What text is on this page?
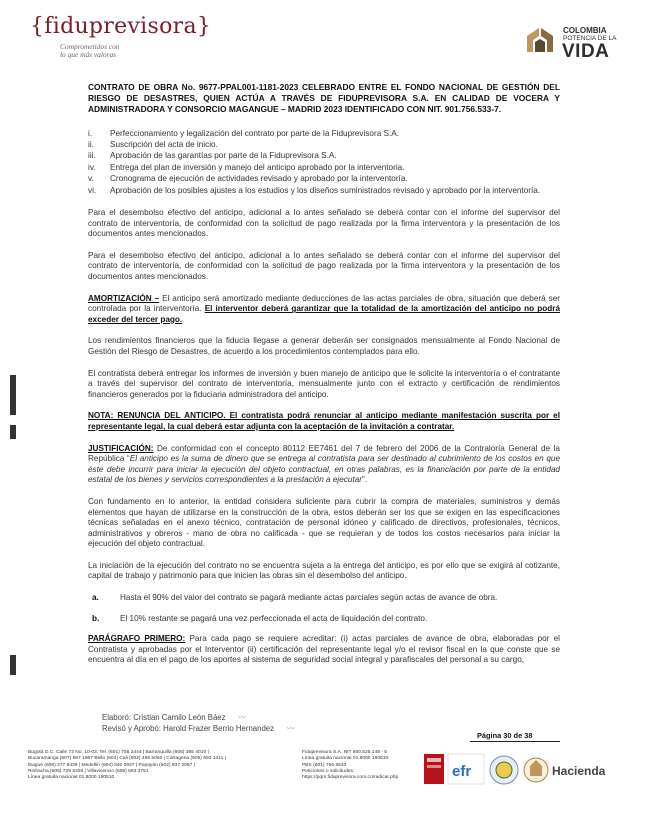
{fiduprevisora}
Comprometidos con
lo que más valoras
COLOMBIA
POTENCIA DE LA
VIDA
CONTRATO DE OBRA No. 9677-PPAL001-1181-2023 CELEBRADO ENTRE EL FONDO NACIONAL DE GESTIÓN DEL RIESGO DE DESASTRES, QUIEN ACTÚA A TRAVÉS DE FIDUPREVISORA S.A. EN CALIDAD DE VOCERA Y ADMINISTRADORA Y CONSORCIO MAGANGUE – MADRID 2023 IDENTIFICADO CON NIT. 901.756.533-7.
i. Perfeccionamiento y legalización del contrato por parte de la Fiduprevisora S.A.
ii. Suscripción del acta de inicio.
iii. Aprobación de las garantías por parte de la Fiduprevisora S.A.
iv. Entrega del plan de inversión y manejo del anticipo aprobado por la interventoria.
v. Cronograma de ejecución de actividades revisado y aprobado por la interventoría.
vi. Aprobación de los posibles ajustes a los estudios y los diseños suministrados revisado y aprobado por la interventoría.

Para el desembolso efectivo del anticipo, adicional a lo antes señalado se deberá contar con el informe del supervisor del contrato de interventoría, de conformidad con la solicitud de pago realizada por la firma interventora y la presentación de los documentos antes mencionados.

Para el desembolso efectivo del anticipo, adicional a lo antes señalado se deberá contar con el informe del supervisor del contrato de interventoría, de conformidad con la solicitud de pago realizada por la firma interventora y la presentación de los documentos antes mencionados.

AMORTIZACIÓN – El anticipo será amortizado mediante deducciones de las actas parciales de obra, situación que deberá ser controlada por la interventoría. El interventor deberá garantizar que la totalidad de la amortización del anticipo no podrá exceder del tercer pago.

Los rendimientos financieros que la fiducia llegase a generar deberán ser consignados mensualmente al Fondo Nacional de Gestión del Riesgo de Desastres, de acuerdo a los procedimientos contemplados para ello.

El contratista deberá entregar los informes de inversión y buen manejo de anticipo que le solicite la interventoría o el contratante a través del supervisor del contrato de interventoría, mensualmente junto con el extracto y certificación de rendimientos financieros generados por la fiduciaria administradora del anticipo.

NOTA: RENUNCIA DEL ANTICIPO. El contratista podrá renunciar al anticipo mediante manifestación suscrita por el representante legal, la cual deberá estar adjunta con la aceptación de la invitación a contratar.

JUSTIFICACIÓN: De conformidad con el concepto 80112 EE7461 del 7 de febrero del 2006 de la Contraloría General de la República “El anticipo es la suma de dinero que se entrega al contratista para ser destinado al cubrimiento de los costos en que éste debe incurrir para iniciar la ejecución del objeto contractual, en otras palabras, es la financiación por parte de la entidad estatal de los bienes y servicios correspondientes a la prestación a ejecutar”.

Con fundamento en lo anterior, la entidad considera suficiente para cubrir la compra de materiales, suministros y demás elementos que hayan de utilizarse en la construcción de la obra, estos deberán ser los que se exigen en las especificaciones técnicas señaladas en el anexo técnico, contratación de personal idóneo y calificado de directivos, profesionales, técnicos, administrativos y obreros - mano de obra no calificada - que se requieran y de todos los costos necesarios para iniciar la ejecución del objeto contractual.

La iniciación de la ejecución del contrato no se encuentra sujeta a la entrega del anticipo, es por ello que se exigirá al cotizante, capital de trabajo y patrimonio para que inicien las obras sin el desembolso del anticipo.

a.	Hasta el 90% del valor del contrato se pagará mediante actas parciales según actas de avance de obra.
b.	El 10% restante se pagará una vez perfeccionada el acta de liquidación del contrato.

PARÁGRAFO PRIMERO: Para cada pago se requiere acreditar: (i) actas parciales de avance de obra, elaboradas por el Contratista y aprobadas por el Interventor (ii) certificación del representante legal y/o el revisor fiscal en la que conste que se encuentra al día en el pago de los aportes al sistema de seguridad social integral y parafiscales del personal a su cargo,

Elaboró: Cristian Camilo León Báez 〰
Revisó y Aprobó: Harold Frazer Berrio Hernandez 〰
Página 30 de 38
Bogotá D.C. Calle 72 No. 10-03, Tel. (601) 756 2444 | Barranquilla (605) 385 4010 |
Bucaramanga (607) 697 1867 Bello (604) Cali (602) 485 5060 | Cartagena (605) 693 1411 |
Ibagué (608) 277 8439 | Medellín (604) 340 0937 | Popayán (602) 837 2067 |
Riohacha (605) 729 5328 | Villavicencio (608) 683 3751
Línea gratuita nacional 01 8000 180510
Fiduprevisora S.A. NIT 860.525.148 - 5
Línea gratuita nacional 01 8000 180510
PBX (601) 756 6633
Peticiones o solicitudes:
https://pqrs.fiduprevisora.com.co/radicar.php	efr	Hacienda
